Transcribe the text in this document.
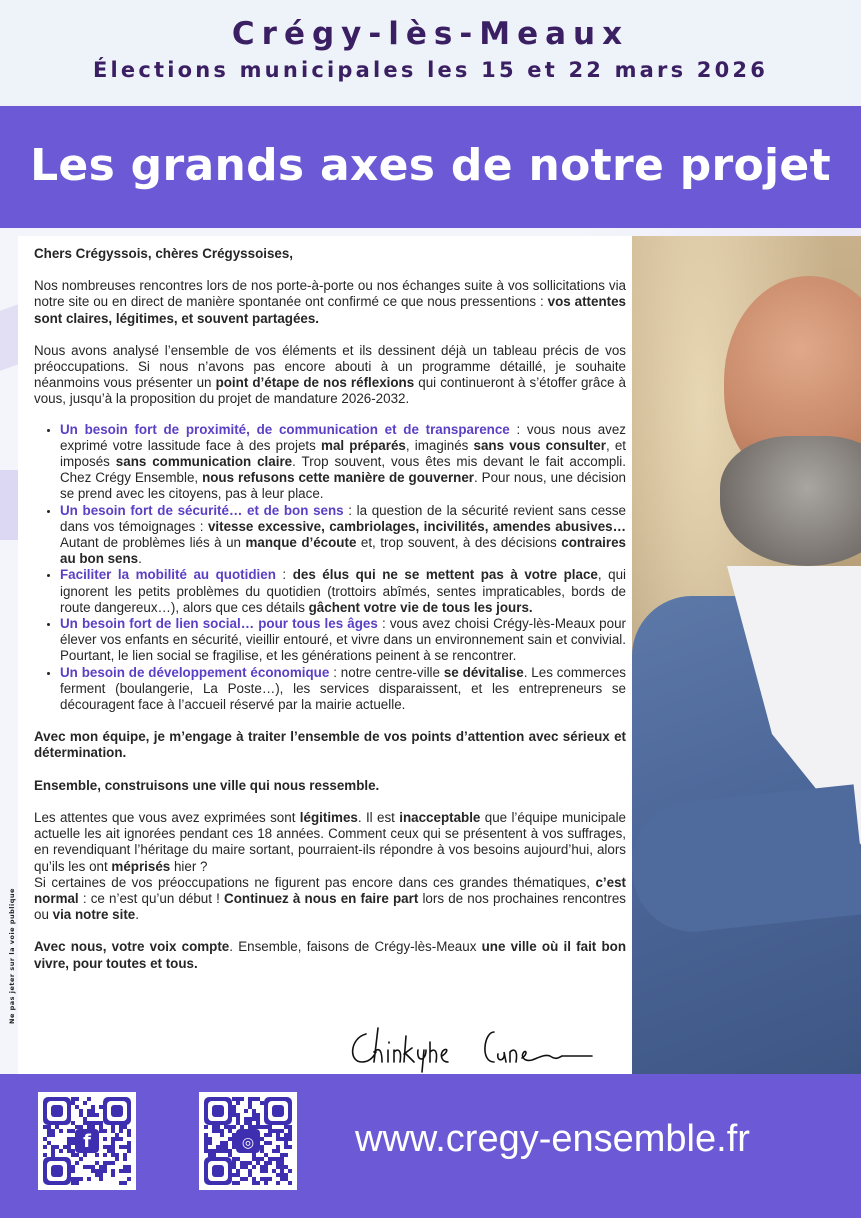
Crégy-lès-Meaux
Élections municipales les 15 et 22 mars 2026
Les grands axes de notre projet
Ne pas jeter sur la voie publique

Chers Crégyssois, chères Crégyssoises,

Nos nombreuses rencontres lors de nos porte-à-porte ou nos échanges suite à vos sollicitations via notre site ou en direct de manière spontanée ont confirmé ce que nous pressentions : vos attentes sont claires, légitimes, et souvent partagées.

Nous avons analysé l’ensemble de vos éléments et ils dessinent déjà un tableau précis de vos préoccupations. Si nous n’avons pas encore abouti à un programme détaillé, je souhaite néanmoins vous présenter un point d’étape de nos réflexions qui continueront à s’étoffer grâce à vous, jusqu’à la proposition du projet de mandature 2026-2032.

• Un besoin fort de proximité, de communication et de transparence : vous nous avez exprimé votre lassitude face à des projets mal préparés, imaginés sans vous consulter, et imposés sans communication claire. Trop souvent, vous êtes mis devant le fait accompli. Chez Crégy Ensemble, nous refusons cette manière de gouverner. Pour nous, une décision se prend avec les citoyens, pas à leur place.
• Un besoin fort de sécurité… et de bon sens : la question de la sécurité revient sans cesse dans vos témoignages : vitesse excessive, cambriolages, incivilités, amendes abusives… Autant de problèmes liés à un manque d’écoute et, trop souvent, à des décisions contraires au bon sens.
• Faciliter la mobilité au quotidien : des élus qui ne se mettent pas à votre place, qui ignorent les petits problèmes du quotidien (trottoirs abîmés, sentes impraticables, bords de route dangereux…), alors que ces détails gâchent votre vie de tous les jours.
• Un besoin fort de lien social… pour tous les âges : vous avez choisi Crégy-lès-Meaux pour élever vos enfants en sécurité, vieillir entouré, et vivre dans un environnement sain et convivial. Pourtant, le lien social se fragilise, et les générations peinent à se rencontrer.
• Un besoin de développement économique : notre centre-ville se dévitalise. Les commerces ferment (boulangerie, La Poste…), les services disparaissent, et les entrepreneurs se découragent face à l’accueil réservé par la mairie actuelle.

Avec mon équipe, je m’engage à traiter l’ensemble de vos points d’attention avec sérieux et détermination.

Ensemble, construisons une ville qui nous ressemble.

Les attentes que vous avez exprimées sont légitimes. Il est inacceptable que l’équipe municipale actuelle les ait ignorées pendant ces 18 années. Comment ceux qui se présentent à vos suffrages, en revendiquant l’héritage du maire sortant, pourraient-ils répondre à vos besoins aujourd’hui, alors qu’ils les ont méprisés hier ?

Si certaines de vos préoccupations ne figurent pas encore dans ces grandes thématiques, c’est normal : ce n’est qu’un début ! Continuez à nous en faire part lors de nos prochaines rencontres ou via notre site.

Avec nous, votre voix compte. Ensemble, faisons de Crégy-lès-Meaux une ville où il fait bon vivre, pour toutes et tous.

f	◎	www.cregy-ensemble.fr
